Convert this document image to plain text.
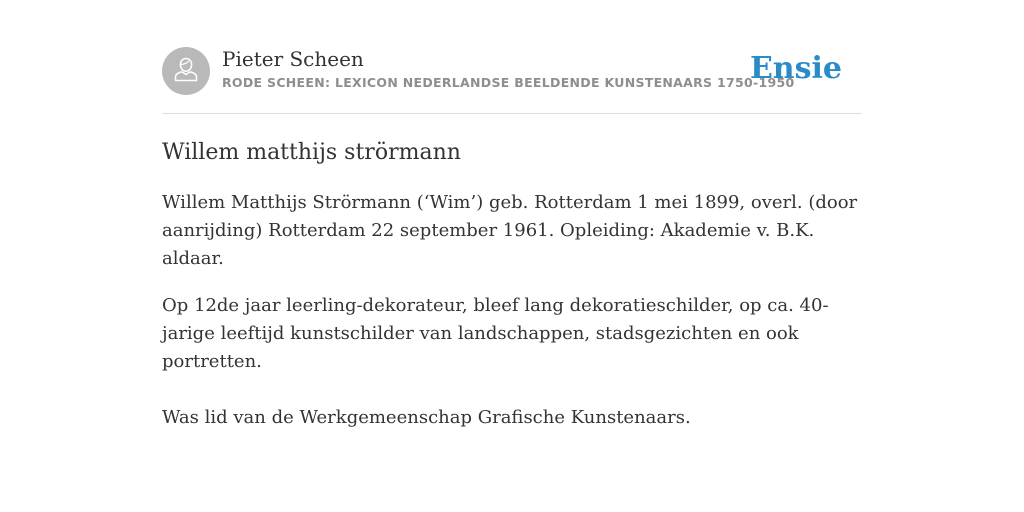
Pieter Scheen
RODE SCHEEN: LEXICON NEDERLANDSE BEELDENDE KUNSTENAARS 1750-1950
Ensie
Willem matthijs strörmann

Willem Matthijs Strörmann (‘Wim’) geb. Rotterdam 1 mei 1899, overl. (door aanrijding) Rotterdam 22 september 1961. Opleiding: Akademie v. B.K. aldaar.

Op 12de jaar leerling-dekorateur, bleef lang dekoratieschilder, op ca. 40-jarige leeftijd kunstschilder van landschappen, stadsgezichten en ook portretten.

Was lid van de Werkgemeenschap Grafische Kunstenaars.
